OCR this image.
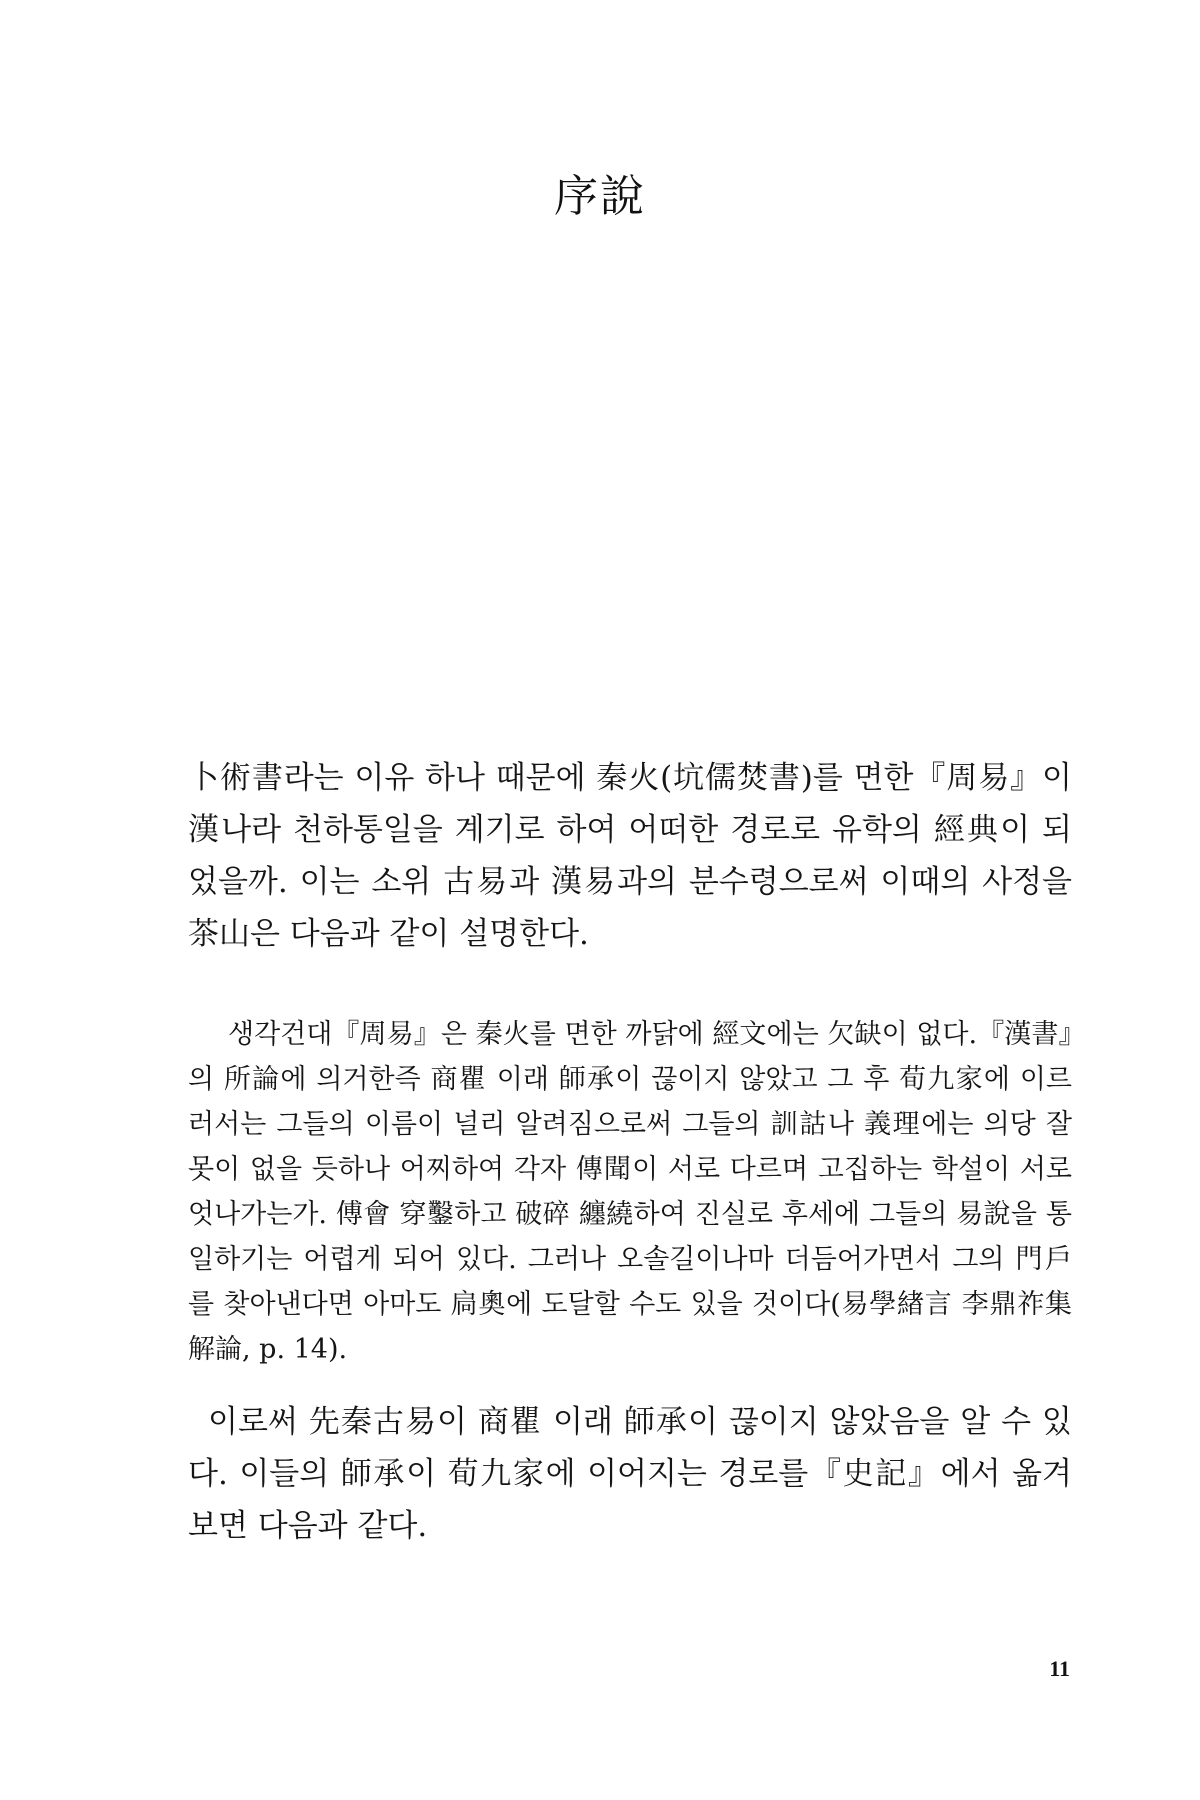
序說

卜術書라는 이유 하나 때문에 秦火(坑儒焚書)를 면한『周易』이 漢나라 천하통일을 계기로 하여 어떠한 경로로 유학의 經典이 되었을까. 이는 소위 古易과 漢易과의 분수령으로써 이때의 사정을 茶山은 다음과 같이 설명한다.

생각건대『周易』은 秦火를 면한 까닭에 經文에는 欠缺이 없다.『漢書』의 所論에 의거한즉 商瞿 이래 師承이 끊이지 않았고 그 후 荀九家에 이르러서는 그들의 이름이 널리 알려짐으로써 그들의 訓詁나 義理에는 의당 잘못이 없을 듯하나 어찌하여 각자 傳聞이 서로 다르며 고집하는 학설이 서로 엇나가는가. 傅會 穿鑿하고 破碎 纏繞하여 진실로 후세에 그들의 易說을 통일하기는 어렵게 되어 있다. 그러나 오솔길이나마 더듬어가면서 그의 門戶를 찾아낸다면 아마도 扃奧에 도달할 수도 있을 것이다(易學緖言 李鼎祚集解論, p. 14).

이로써 先秦古易이 商瞿 이래 師承이 끊이지 않았음을 알 수 있다. 이들의 師承이 荀九家에 이어지는 경로를『史記』에서 옮겨보면 다음과 같다.

11
